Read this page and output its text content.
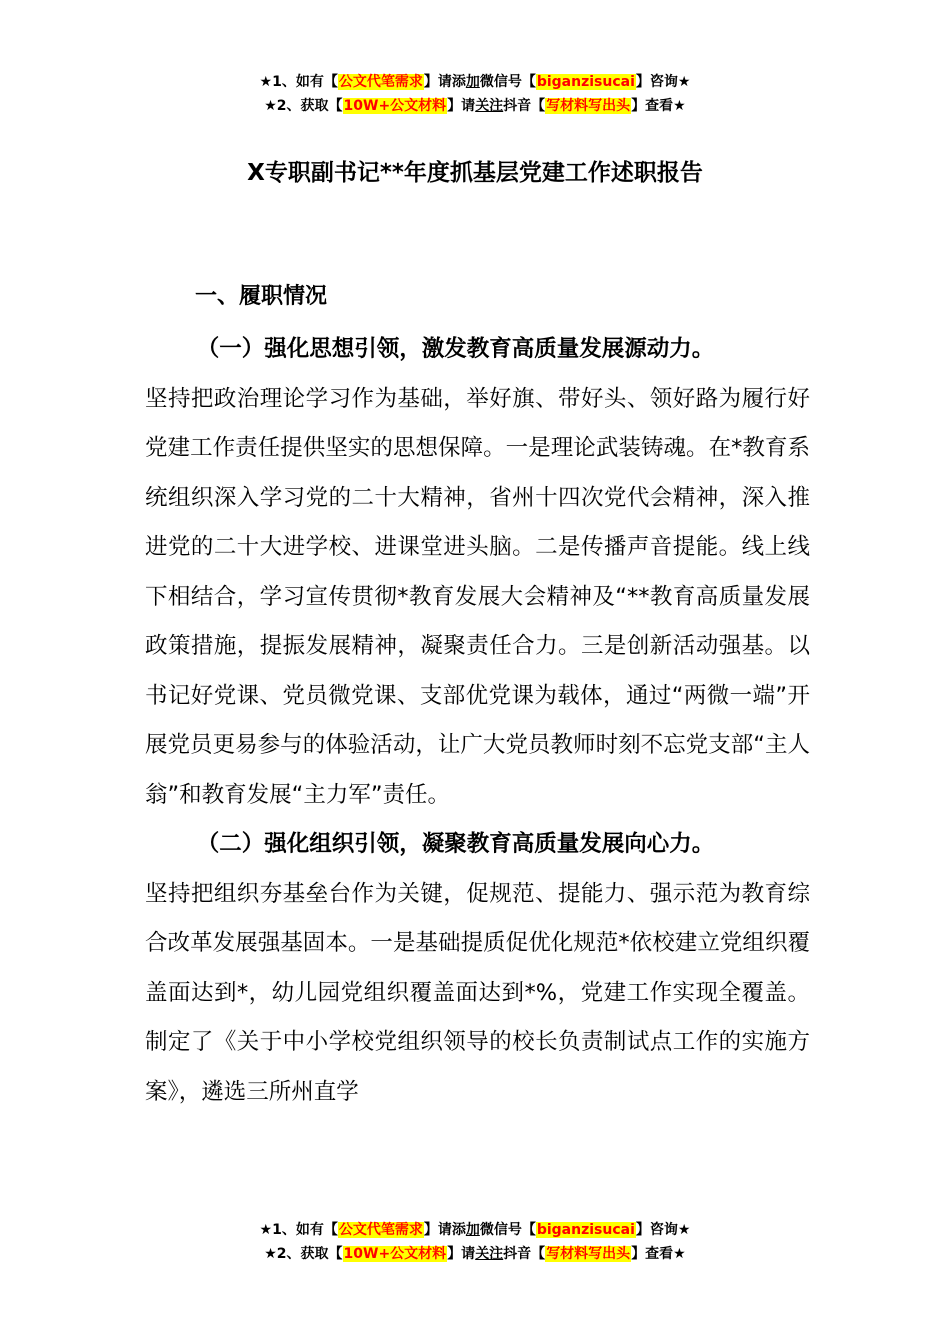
★1、如有【公文代笔需求】请添加微信号【biganzisucai】咨询★
★2、获取【10W+公文材料】请关注抖音【写材料写出头】查看★
X专职副书记**年度抓基层党建工作述职报告
一、履职情况

（一）强化思想引领，激发教育高质量发展源动力。

坚持把政治理论学习作为基础，举好旗、带好头、领好路为履行好党建工作责任提供坚实的思想保障。一是理论武装铸魂。在*教育系统组织深入学习党的二十大精神，省州十四次党代会精神，深入推进党的二十大进学校、进课堂进头脑。二是传播声音提能。线上线下相结合，学习宣传贯彻*教育发展大会精神及“**教育高质量发展政策措施，提振发展精神，凝聚责任合力。三是创新活动强基。以书记好党课、党员微党课、支部优党课为载体，通过“两微一端”开展党员更易参与的体验活动，让广大党员教师时刻不忘党支部“主人翁”和教育发展“主力军”责任。

（二）强化组织引领，凝聚教育高质量发展向心力。

坚持把组织夯基垒台作为关键，促规范、提能力、强示范为教育综合改革发展强基固本。一是基础提质促优化规范*依校建立党组织覆盖面达到*，幼儿园党组织覆盖面达到*%，党建工作实现全覆盖。制定了《关于中小学校党组织领导的校长负责制试点工作的实施方案》，遴选三所州直学

★1、如有【公文代笔需求】请添加微信号【biganzisucai】咨询★
★2、获取【10W+公文材料】请关注抖音【写材料写出头】查看★
